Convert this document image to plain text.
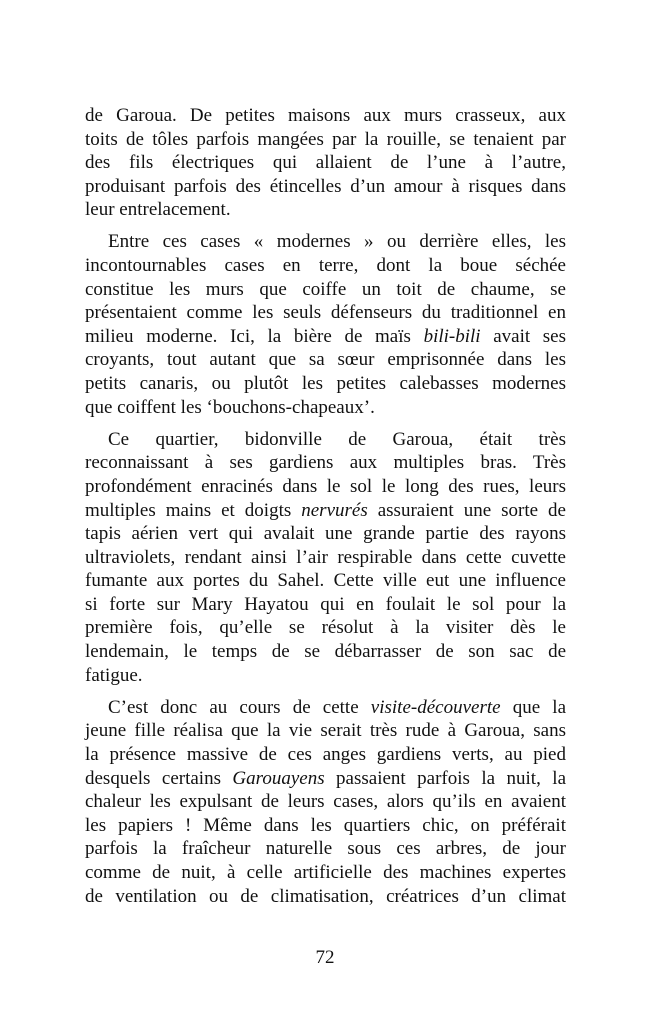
de Garoua. De petites maisons aux murs crasseux, aux
toits de tôles parfois mangées par la rouille, se tenaient par
des fils électriques qui allaient de l’une à l’autre,
produisant parfois des étincelles d’un amour à risques dans
leur entrelacement.
Entre ces cases « modernes » ou derrière elles, les
incontournables cases en terre, dont la boue séchée
constitue les murs que coiffe un toit de chaume, se
présentaient comme les seuls défenseurs du traditionnel en
milieu moderne. Ici, la bière de maïs bili-bili avait ses
croyants, tout autant que sa sœur emprisonnée dans les
petits canaris, ou plutôt les petites calebasses modernes
que coiffent les ‘bouchons-chapeaux’.
Ce quartier, bidonville de Garoua, était très
reconnaissant à ses gardiens aux multiples bras. Très
profondément enracinés dans le sol le long des rues, leurs
multiples mains et doigts nervurés assuraient une sorte de
tapis aérien vert qui avalait une grande partie des rayons
ultraviolets, rendant ainsi l’air respirable dans cette cuvette
fumante aux portes du Sahel. Cette ville eut une influence
si forte sur Mary Hayatou qui en foulait le sol pour la
première fois, qu’elle se résolut à la visiter dès le
lendemain, le temps de se débarrasser de son sac de
fatigue.
C’est donc au cours de cette visite-découverte que la
jeune fille réalisa que la vie serait très rude à Garoua, sans
la présence massive de ces anges gardiens verts, au pied
desquels certains Garouayens passaient parfois la nuit, la
chaleur les expulsant de leurs cases, alors qu’ils en avaient
les papiers ! Même dans les quartiers chic, on préférait
parfois la fraîcheur naturelle sous ces arbres, de jour
comme de nuit, à celle artificielle des machines expertes
de ventilation ou de climatisation, créatrices d’un climat
72
